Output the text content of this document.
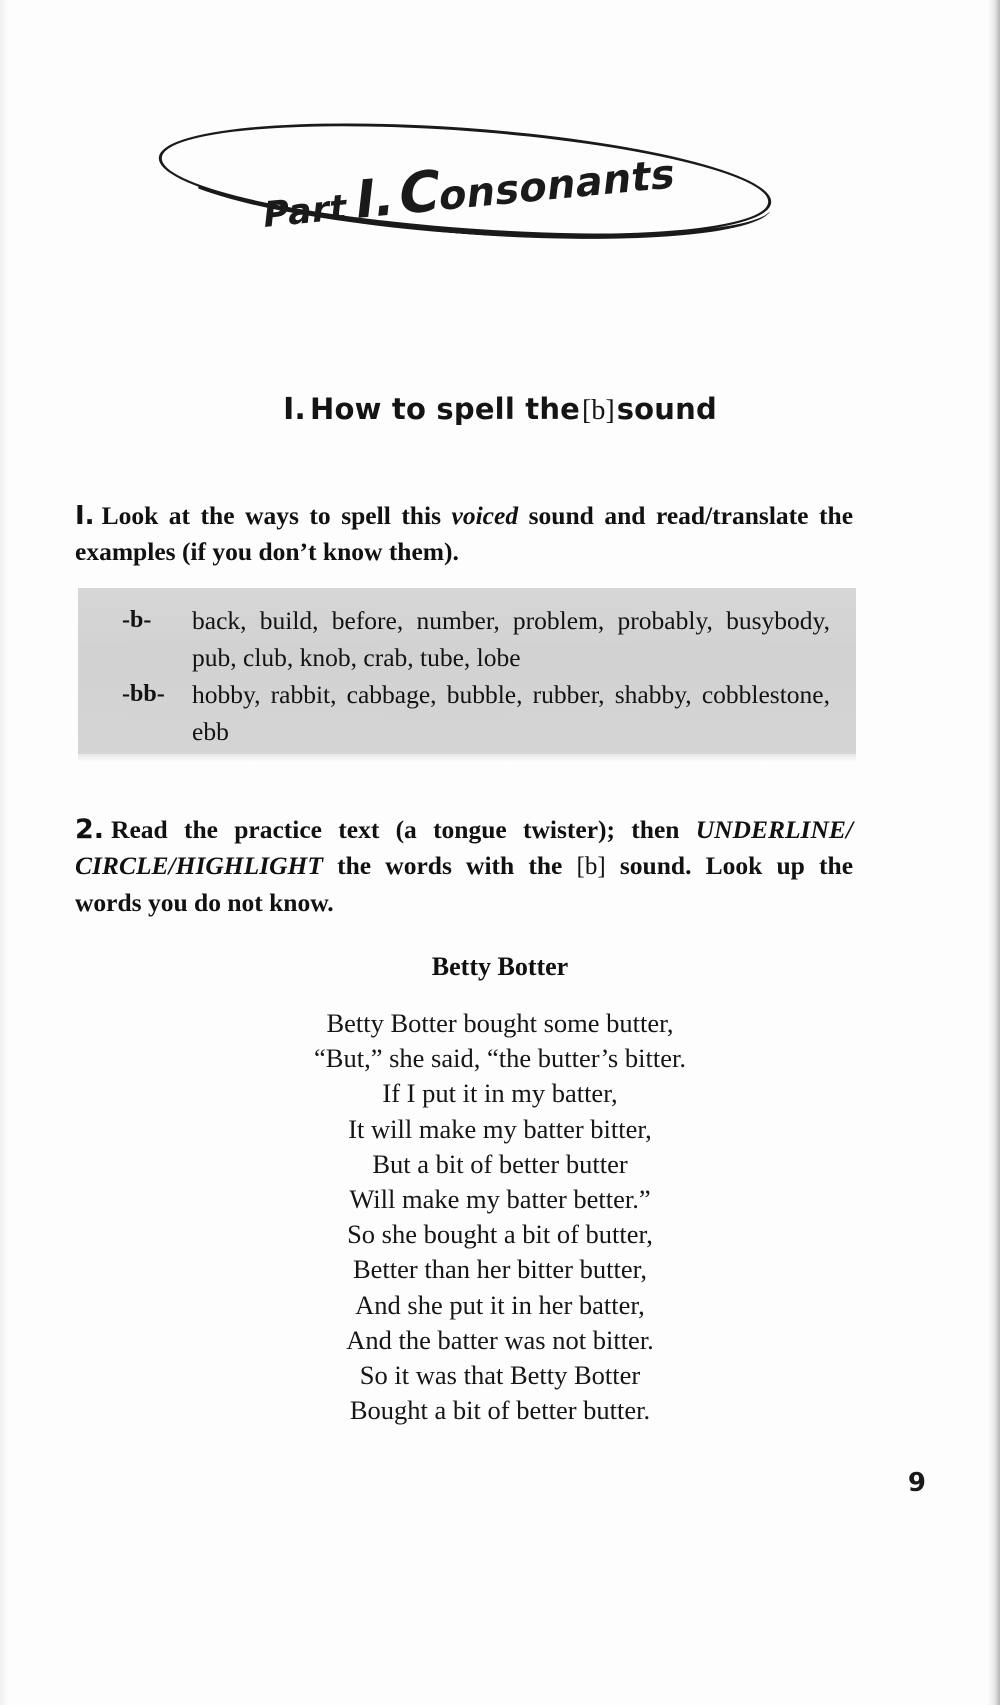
Part I.
Consonants
I. How to spell the[b]sound
I. Look at the ways to spell this voiced sound and read/translate the examples (if you don’t know them).
-b-	back, build, before, number, problem, probably, busybody, pub, club, knob, crab, tube, lobe
-bb-	hobby, rabbit, cabbage, bubble, rubber, shabby, cobblestone, ebb
2. Read the practice text (a tongue twister); then UNDERLINE/ CIRCLE/HIGHLIGHT the words with the [b] sound. Look up the words you do not know.
Betty Botter
Betty Botter bought some butter,
“But,” she said, “the butter’s bitter.
If I put it in my batter,
It will make my batter bitter,
But a bit of better butter
Will make my batter better.”
So she bought a bit of butter,
Better than her bitter butter,
And she put it in her batter,
And the batter was not bitter.
So it was that Betty Botter
Bought a bit of better butter.
9
